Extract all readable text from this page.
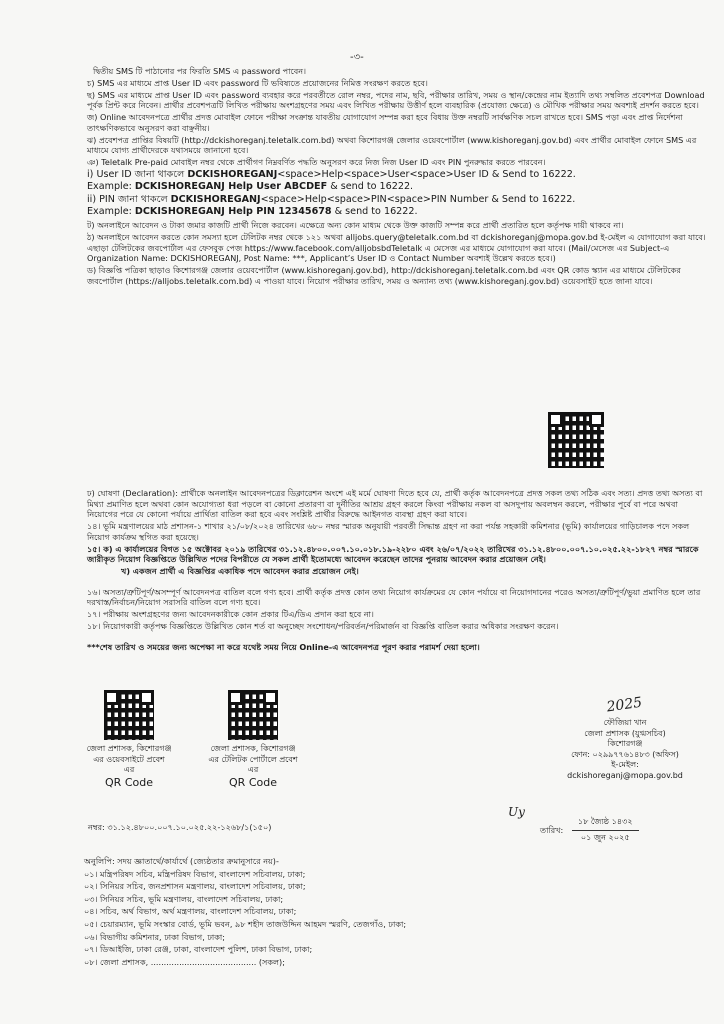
-৩-

দ্বিতীয় SMS টি পাঠানোর পর ফিরতি SMS এ password পাবেন।

চ) SMS এর মাধ্যমে প্রাপ্ত User ID এবং password টি ভবিষ্যতে প্রয়োজনের নিমিত্ত সংরক্ষণ করতে হবে।

ছ) SMS এর মাধ্যমে প্রাপ্ত User ID এবং password ব্যবহার করে পরবর্তীতে রোল নম্বর, পদের নাম, ছবি, পরীক্ষার তারিখ, সময় ও স্থান/কেন্দ্রের নাম ইত্যাদি তথ্য সম্বলিত প্রবেশপত্র Download পূর্বক প্রিন্ট করে নিবেন। প্রার্থীর প্রবেশপত্রটি লিখিত পরীক্ষায় অংশগ্রহণের সময় এবং লিখিত পরীক্ষায় উত্তীর্ণ হলে ব্যবহারিক (প্রযোজ্য ক্ষেত্রে) ও মৌখিক পরীক্ষার সময় অবশ্যই প্রদর্শন করতে হবে।

জ) Online আবেদনপত্রে প্রার্থীর প্রদত্ত মোবাইল ফোনে পরীক্ষা সংক্রান্ত যাবতীয় যোগাযোগ সম্পন্ন করা হবে বিধায় উক্ত নম্বরটি সার্বক্ষণিক সচল রাখতে হবে। SMS পড়া এবং প্রাপ্ত নির্দেশনা তাৎক্ষণিকভাবে অনুসরণ করা বাঞ্ছনীয়।

ঝ) প্রবেশপত্র প্রাপ্তির বিষয়টি (http://dckishoreganj.teletalk.com.bd) অথবা কিশোরগঞ্জ জেলার ওয়েবপোর্টাল (www.kishoreganj.gov.bd) এবং প্রার্থীর মোবাইল ফোনে SMS এর মাধ্যমে যোগ্য প্রার্থীদেরকে যথাসময়ে জানানো হবে।

ঞ) Teletalk Pre-paid মোবাইল নম্বর থেকে প্রার্থীগণ নিম্নবর্ণিত পদ্ধতি অনুসরণ করে নিজ নিজ User ID এবং PIN পুনরুদ্ধার করতে পারবেন।

i) User ID জানা থাকলে DCKISHOREGANJ<space>Help<space>User<space>User ID & Send to 16222.
Example: DCKISHOREGANJ Help User ABCDEF & send to 16222.
ii) PIN জানা থাকলে DCKISHOREGANJ<space>Help<space>PIN<space>PIN Number & Send to 16222.
Example: DCKISHOREGANJ Help PIN 12345678 & send to 16222.

ট) অনলাইনে আবেদন ও টাকা জমার কাজটি প্রার্থী নিজে করবেন। এক্ষেত্রে অন্য কোন মাধ্যম থেকে উক্ত কাজটি সম্পন্ন করে প্রার্থী প্রতারিত হলে কর্তৃপক্ষ দায়ী থাকবে না।

ঠ) অনলাইনে আবেদন করতে কোন সমস্যা হলে টেলিটক নম্বর থেকে ১২১ অথবা alljobs.query@teletalk.com.bd বা dckishoreganj@mopa.gov.bd ই-মেইল এ যোগাযোগ করা যাবে। এছাড়া টেলিটকের জবপোর্টাল এর ফেসবুক পেজ https://www.facebook.com/alljobsbdTeletalk এ মেসেজ এর মাধ্যমে যোগাযোগ করা যাবে। (Mail/মেসেজ এর Subject-এ Organization Name: DCKISHOREGANJ, Post Name: ***, Applicant’s User ID ও Contact Number অবশ্যই উল্লেখ করতে হবে।)

ড) বিজ্ঞপ্তি পত্রিকা ছাড়াও কিশোরগঞ্জ জেলার ওয়েবপোর্টাল (www.kishoreganj.gov.bd), http://dckishoreganj.teletalk.com.bd এবং QR কোড স্ক্যান এর মাধ্যমে টেলিটকের জবপোর্টাল (https://alljobs.teletalk.com.bd) এ পাওয়া যাবে। নিয়োগ পরীক্ষার তারিখ, সময় ও অন্যান্য তথ্য (www.kishoreganj.gov.bd) ওয়েবসাইট হতে জানা যাবে।

ঢ) ঘোষণা (Declaration): প্রার্থীকে অনলাইন আবেদনপত্রের ডিক্লারেশন অংশে এই মর্মে ঘোষণা দিতে হবে যে, প্রার্থী কর্তৃক আবেদনপত্রে প্রদত্ত সকল তথ্য সঠিক এবং সত্য। প্রদত্ত তথ্য অসত্য বা মিথ্যা প্রমাণিত হলে অথবা কোন অযোগ্যতা ধরা পড়লে বা কোনো প্রতারণা বা দুর্নীতির আশ্রয় গ্রহণ করলে কিংবা পরীক্ষায় নকল বা অসদুপায় অবলম্বন করলে, পরীক্ষার পূর্বে বা পরে অথবা নিয়োগের পরে যে কোনো পর্যায়ে প্রার্থিতা বাতিল করা হবে এবং সংশ্লিষ্ট প্রার্থীর বিরুদ্ধে আইনগত ব্যবস্থা গ্রহণ করা যাবে।

১৪। ভূমি মন্ত্রণালয়ের মাঠ প্রশাসন-১ শাখার ২১/০৮/২০২৪ তারিখের ৬৮০ নম্বর স্মারক অনুযায়ী পরবর্তী সিদ্ধান্ত গ্রহণ না করা পর্যন্ত সহকারী কমিশনার (ভূমি) কার্যালয়ের গাড়িচালক পদে সকল নিয়োগ কার্যক্রম স্থগিত করা হয়েছে।

১৫। ক) এ কার্যালয়ের বিগত ১৫ অক্টোবর ২০১৯ তারিখের ৩১.১২.৪৮০০.০০৭.১০.০১৮.১৯-২২৮০ এবং ২৬/০৭/২০২২ তারিখের ৩১.১২.৪৮০০.০০৭.১০.০২৫.২২-১৮২৭ নম্বর স্মারকে জারীকৃত নিয়োগ বিজ্ঞপ্তিতে উল্লিখিত পদের বিপরীতে যে সকল প্রার্থী ইতোমধ্যে আবেদন করেছেন তাদের পুনরায় আবেদন করার প্রয়োজন নেই।

খ) একজন প্রার্থী এ বিজ্ঞপ্তির একাধিক পদে আবেদন করার প্রয়োজন নেই।

১৬। অসত্য/ত্রুটিপূর্ণ/অসম্পূর্ণ আবেদনপত্র বাতিল বলে গণ্য হবে। প্রার্থী কর্তৃক প্রদত্ত কোন তথ্য নিয়োগ কার্যক্রমের যে কোন পর্যায়ে বা নিয়োগদানের পরেও অসত্য/ত্রুটিপূর্ণ/ভুয়া প্রমাণিত হলে তার দরখাস্ত/নির্বাচন/নিয়োগ সরাসরি বাতিল বলে গণ্য হবে।

১৭। পরীক্ষায় অংশগ্রহণের জন্য আবেদনকারীকে কোন প্রকার টিএ/ডিএ প্রদান করা হবে না।

১৮। নিয়োগকারী কর্তৃপক্ষ বিজ্ঞপ্তিতে উল্লিখিত কোন শর্ত বা অনুচ্ছেদ সংশোধন/পরিবর্তন/পরিমার্জন বা বিজ্ঞপ্তি বাতিল করার অধিকার সংরক্ষণ করেন।

***শেষ তারিখ ও সময়ের জন্য অপেক্ষা না করে যথেষ্ট সময় নিয়ে Online-এ আবেদনপত্র পূরণ করার পরামর্শ দেয়া হলো।

জেলা প্রশাসক, কিশোরগঞ্জ
এর ওয়েবসাইটে প্রবেশ
এর
QR Code
জেলা প্রশাসক, কিশোরগঞ্জ
এর টেলিটক পোর্টালে প্রবেশ
এর
QR Code
2025
ফৌজিয়া খান
জেলা প্রশাসক (যুগ্মসচিব)
কিশোরগঞ্জ
ফোন: ০২৯৯৭৭৬১৪৮৩ (অফিস)
ই-মেইল: dckishoreganj@mopa.gov.bd
Uy
নম্বর: ৩১.১২.৪৮০০.০০৭.১০.০২৫.২২-১২৬৮/১(১৫০)	তারিখ: $\frac{\text{১৮ জ্যৈষ্ঠ ১৪৩২}}{\text{০১ জুন ২০২৫}}$
অনুলিপি: সদয় জ্ঞাতার্থে/কার্যার্থে (জ্যেষ্ঠতার ক্রমানুসারে নয়)-
০১। মন্ত্রিপরিষদ সচিব, মন্ত্রিপরিষদ বিভাগ, বাংলাদেশ সচিবালয়, ঢাকা;
০২। সিনিয়র সচিব, জনপ্রশাসন মন্ত্রণালয়, বাংলাদেশ সচিবালয়, ঢাকা;
০৩। সিনিয়র সচিব, ভূমি মন্ত্রণালয়, বাংলাদেশ সচিবালয়, ঢাকা;
০৪। সচিব, অর্থ বিভাগ, অর্থ মন্ত্রণালয়, বাংলাদেশ সচিবালয়, ঢাকা;
০৫। চেয়ারম্যান, ভূমি সংস্কার বোর্ড, ভূমি ভবন, ৯৮ শহীদ তাজউদ্দিন আহমদ স্মরণি, তেজগাঁও, ঢাকা;
০৬। বিভাগীয় কমিশনার, ঢাকা বিভাগ, ঢাকা;
০৭। ডিআইজি, ঢাকা রেঞ্জ, ঢাকা, বাংলাদেশ পুলিশ, ঢাকা বিভাগ, ঢাকা;
০৮। জেলা প্রশাসক, ......................................... (সকল);
